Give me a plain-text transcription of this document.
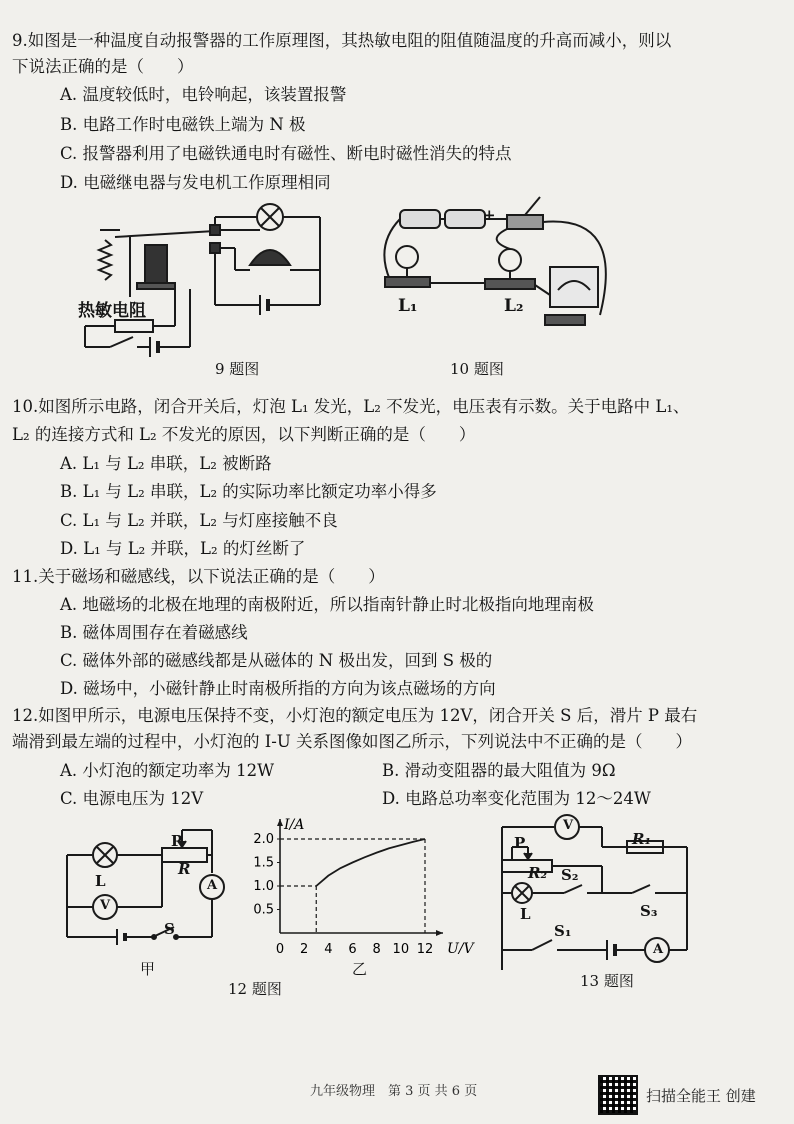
9.如图是一种温度自动报警器的工作原理图，其热敏电阻的阻值随温度的升高而减小，则以
下说法正确的是（　　）
A. 温度较低时，电铃响起，该装置报警
B. 电路工作时电磁铁上端为 N 极
C. 报警器利用了电磁铁通电时有磁性、断电时磁性消失的特点
D. 电磁继电器与发电机工作原理相同
热敏电阻
9 题图
+
L₁	L₂
10 题图
10.如图所示电路，闭合开关后，灯泡 L₁ 发光，L₂ 不发光，电压表有示数。关于电路中 L₁、
L₂ 的连接方式和 L₂ 不发光的原因，以下判断正确的是（　　）
A. L₁ 与 L₂ 串联，L₂ 被断路
B. L₁ 与 L₂ 串联，L₂ 的实际功率比额定功率小得多
C. L₁ 与 L₂ 并联，L₂ 与灯座接触不良
D. L₁ 与 L₂ 并联，L₂ 的灯丝断了
11.关于磁场和磁感线，以下说法正确的是（　　）
A. 地磁场的北极在地理的南极附近，所以指南针静止时北极指向地理南极
B. 磁体周围存在着磁感线
C. 磁体外部的磁感线都是从磁体的 N 极出发，回到 S 极的
D. 磁场中，小磁针静止时南极所指的方向为该点磁场的方向
12.如图甲所示，电源电压保持不变，小灯泡的额定电压为 12V，闭合开关 S 后，滑片 P 最右
端滑到最左端的过程中，小灯泡的 I-U 关系图像如图乙所示，下列说法中不正确的是（　　）
A. 小灯泡的额定功率为 12W	B. 滑动变阻器的最大阻值为 9Ω
C. 电源电压为 12V	D. 电路总功率变化范围为 12～24W
P
R
L
V
A
S
甲
U/V
I/A
0 2 4 6 8 10 12
0.5
1.0
1.5
2.0
乙
12 题图
V
R₁
P
R₂ S₂
L	S₃
S₁
A
13 题图
九年级物理　第 3 页 共 6 页	扫描全能王 创建
